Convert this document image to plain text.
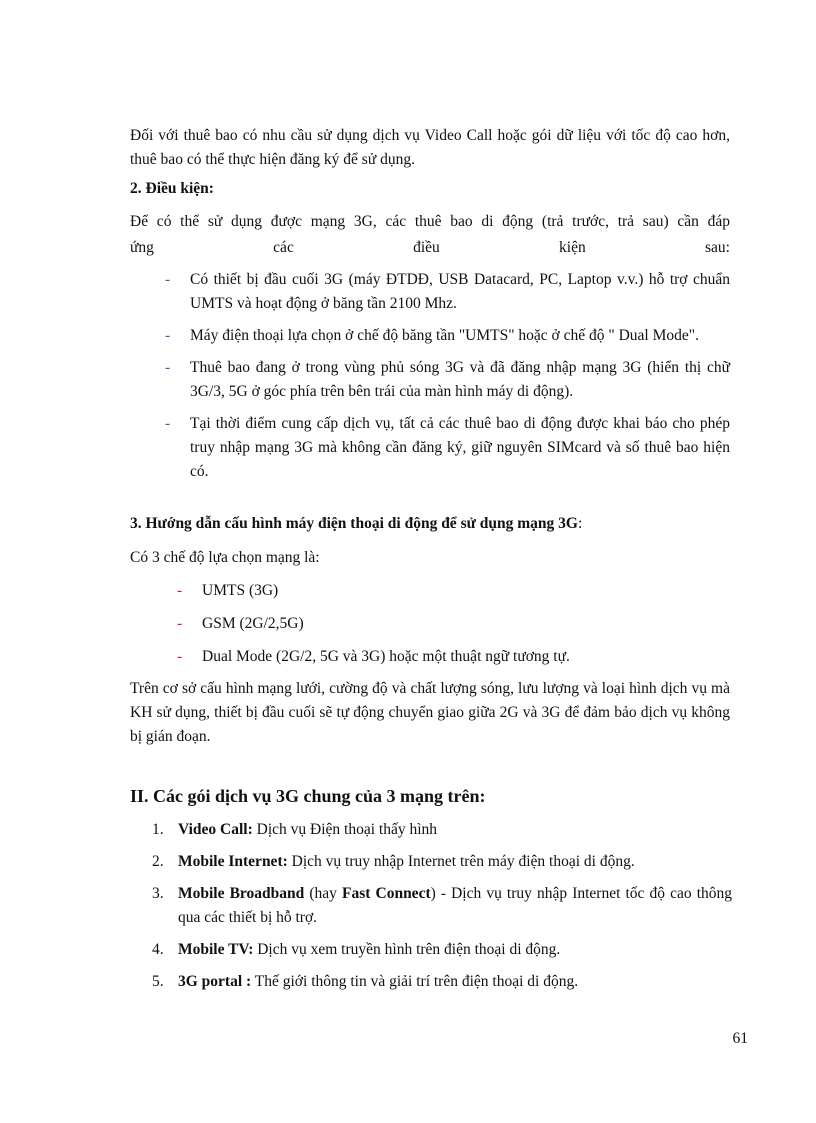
Đối với thuê bao có nhu cầu sử dụng dịch vụ Video Call hoặc gói dữ liệu với tốc độ cao hơn, thuê bao có thể thực hiện đăng ký để sử dụng.

2. Điều kiện:

Để có thể sử dụng được mạng 3G, các thuê bao di động (trả trước, trả sau) cần đáp

ứng các điều kiện sau:

- Có thiết bị đầu cuối 3G (máy ĐTDĐ, USB Datacard, PC, Laptop v.v.) hỗ trợ chuẩn UMTS và hoạt động ở băng tần 2100 Mhz.
- Máy điện thoại lựa chọn ở chế độ băng tần "UMTS" hoặc ở chế độ " Dual Mode".
- Thuê bao đang ở trong vùng phủ sóng 3G và đã đăng nhập mạng 3G (hiển thị chữ 3G/3, 5G ở góc phía trên bên trái của màn hình máy di động).
- Tại thời điểm cung cấp dịch vụ, tất cả các thuê bao di động được khai báo cho phép truy nhập mạng 3G mà không cần đăng ký, giữ nguyên SIMcard và số thuê bao hiện có.

3. Hướng dẫn cấu hình máy điện thoại di động để sử dụng mạng 3G:

Có 3 chế độ lựa chọn mạng là:

- UMTS (3G)
- GSM (2G/2,5G)
- Dual Mode (2G/2, 5G và 3G) hoặc một thuật ngữ tương tự.

Trên cơ sở cấu hình mạng lưới, cường độ và chất lượng sóng, lưu lượng và loại hình dịch vụ mà KH sử dụng, thiết bị đầu cuối sẽ tự động chuyển giao giữa 2G và 3G để đảm bảo dịch vụ không bị gián đoạn.

II. Các gói dịch vụ 3G chung của 3 mạng trên:

1. Video Call: Dịch vụ Điện thoại thấy hình
2. Mobile Internet: Dịch vụ truy nhập Internet trên máy điện thoại di động.
3. Mobile Broadband (hay Fast Connect) - Dịch vụ truy nhập Internet tốc độ cao thông qua các thiết bị hỗ trợ.
4. Mobile TV: Dịch vụ xem truyền hình trên điện thoại di động.
5. 3G portal : Thế giới thông tin và giải trí trên điện thoại di động.
61
